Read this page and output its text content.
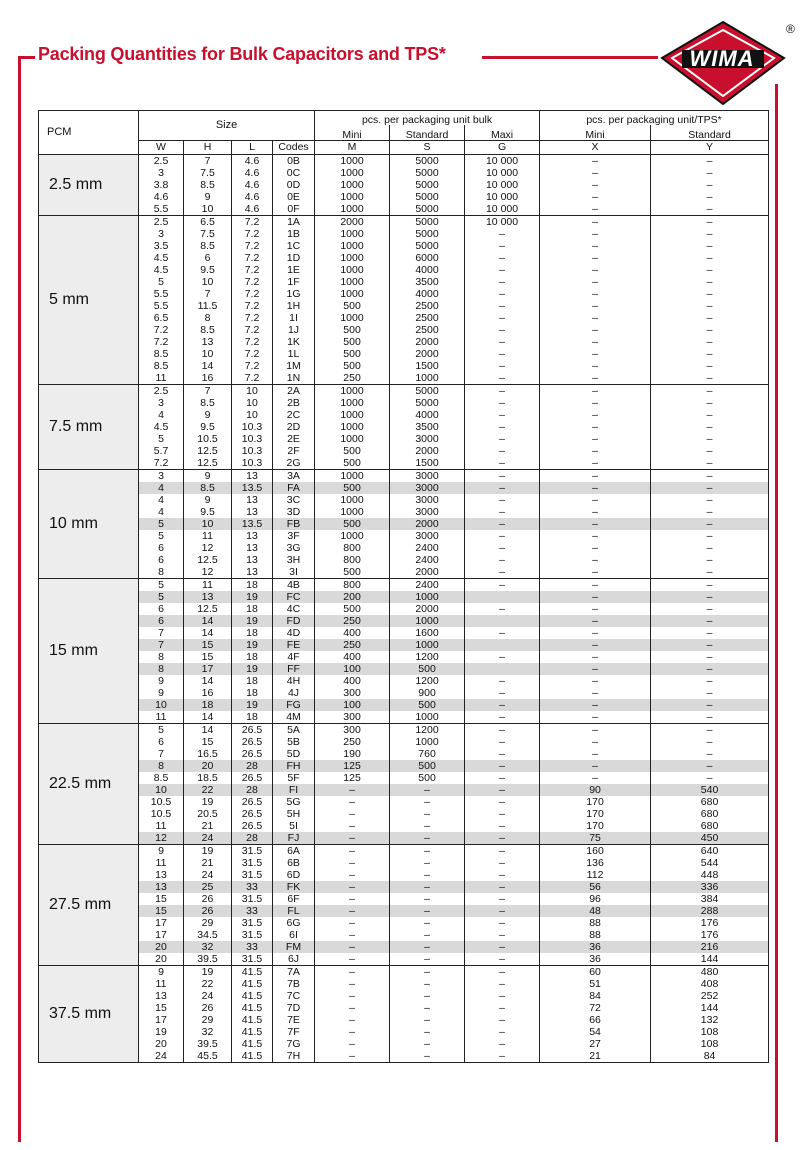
Packing Quantities for Bulk Capacitors and TPS*	WIMA
®
PCM	Size				pcs. per packaging unit bulk			pcs. per packaging unit/TPS*	
					Mini	Standard	Maxi	Mini	Standard
	W	H	L	Codes	M	S	G	X	Y
2.5 mm	2.5	7	4.6	0B	1000	5000	10 000	–	–
	3	7.5	4.6	0C	1000	5000	10 000	–	–
	3.8	8.5	4.6	0D	1000	5000	10 000	–	–
	4.6	9	4.6	0E	1000	5000	10 000	–	–
	5.5	10	4.6	0F	1000	5000	10 000	–	–
5 mm	2.5	6.5	7.2	1A	2000	5000	10 000	–	–
	3	7.5	7.2	1B	1000	5000	–	–	–
	3.5	8.5	7.2	1C	1000	5000	–	–	–
	4.5	6	7.2	1D	1000	6000	–	–	–
	4.5	9.5	7.2	1E	1000	4000	–	–	–
	5	10	7.2	1F	1000	3500	–	–	–
	5.5	7	7.2	1G	1000	4000	–	–	–
	5.5	11.5	7.2	1H	500	2500	–	–	–
	6.5	8	7.2	1I	1000	2500	–	–	–
	7.2	8.5	7.2	1J	500	2500	–	–	–
	7.2	13	7.2	1K	500	2000	–	–	–
	8.5	10	7.2	1L	500	2000	–	–	–
	8.5	14	7.2	1M	500	1500	–	–	–
	11	16	7.2	1N	250	1000	–	–	–
7.5 mm	2.5	7	10	2A	1000	5000	–	–	–
	3	8.5	10	2B	1000	5000	–	–	–
	4	9	10	2C	1000	4000	–	–	–
	4.5	9.5	10.3	2D	1000	3500	–	–	–
	5	10.5	10.3	2E	1000	3000	–	–	–
	5.7	12.5	10.3	2F	500	2000	–	–	–
	7.2	12.5	10.3	2G	500	1500	–	–	–
10 mm	3	9	13	3A	1000	3000	–	–	–
	4	8.5	13.5	FA	500	3000	–	–	–
	4	9	13	3C	1000	3000	–	–	–
	4	9.5	13	3D	1000	3000	–	–	–
	5	10	13.5	FB	500	2000	–	–	–
	5	11	13	3F	1000	3000	–	–	–
	6	12	13	3G	800	2400	–	–	–
	6	12.5	13	3H	800	2400	–	–	–
	8	12	13	3I	500	2000	–	–	–
15 mm	5	11	18	4B	800	2400	–	–	–
	5	13	19	FC	200	1000		–	–
	6	12.5	18	4C	500	2000	–	–	–
	6	14	19	FD	250	1000		–	–
	7	14	18	4D	400	1600	–	–	–
	7	15	19	FE	250	1000		–	–
	8	15	18	4F	400	1200	–	–	–
	8	17	19	FF	100	500		–	–
	9	14	18	4H	400	1200	–	–	–
	9	16	18	4J	300	900	–	–	–
	10	18	19	FG	100	500	–	–	–
	11	14	18	4M	300	1000	–	–	–
22.5 mm	5	14	26.5	5A	300	1200	–	–	–
	6	15	26.5	5B	250	1000	–	–	–
	7	16.5	26.5	5D	190	760	–	–	–
	8	20	28	FH	125	500	–	–	–
	8.5	18.5	26.5	5F	125	500	–	–	–
	10	22	28	FI	–	–	–	90	540
	10.5	19	26.5	5G	–	–	–	170	680
	10.5	20.5	26.5	5H	–	–	–	170	680
	11	21	26.5	5I	–	–	–	170	680
	12	24	28	FJ	–	–	–	75	450
27.5 mm	9	19	31.5	6A	–	–	–	160	640
	11	21	31.5	6B	–	–	–	136	544
	13	24	31.5	6D	–	–	–	112	448
	13	25	33	FK	–	–	–	56	336
	15	26	31.5	6F	–	–	–	96	384
	15	26	33	FL	–	–	–	48	288
	17	29	31.5	6G	–	–	–	88	176
	17	34.5	31.5	6I	–	–	–	88	176
	20	32	33	FM	–	–	–	36	216
	20	39.5	31.5	6J	–	–	–	36	144
37.5 mm	9	19	41.5	7A	–	–	–	60	480
	11	22	41.5	7B	–	–	–	51	408
	13	24	41.5	7C	–	–	–	84	252
	15	26	41.5	7D	–	–	–	72	144
	17	29	41.5	7E	–	–	–	66	132
	19	32	41.5	7F	–	–	–	54	108
	20	39.5	41.5	7G	–	–	–	27	108
	24	45.5	41.5	7H	–	–	–	21	84
